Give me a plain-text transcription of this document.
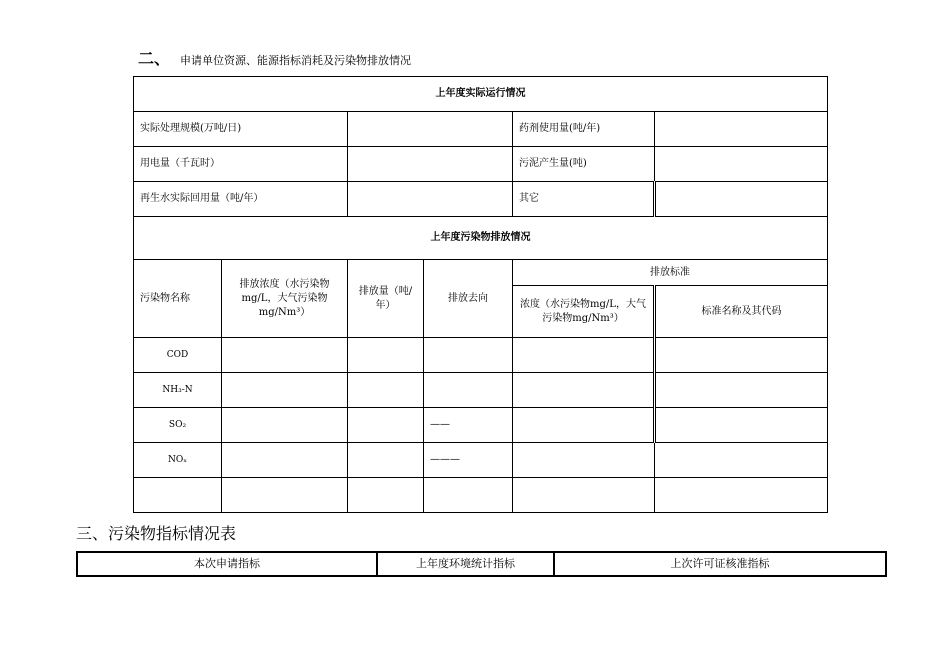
二、 申请单位资源、能源指标消耗及污染物排放情况
上年度实际运行情况					
实际处理规模(万吨/日)				药剂使用量(吨/年)	
用电量（千瓦时）				污泥产生量(吨)	
再生水实际回用量（吨/年）				其它	
上年度污染物排放情况					
污染物名称	排放浓度（水污染物mg/L，大气污染物mg/Nm³）	排放量（吨/年）	排放去向	排放标准	
				浓度（水污染物mg/L，大气污染物mg/Nm³）	标准名称及其代码
COD					
NH₃-N					
SO₂			——		
NOₓ			———		

三、污染物指标情况表
本次申请指标	上年度环境统计指标	上次许可证核准指标
